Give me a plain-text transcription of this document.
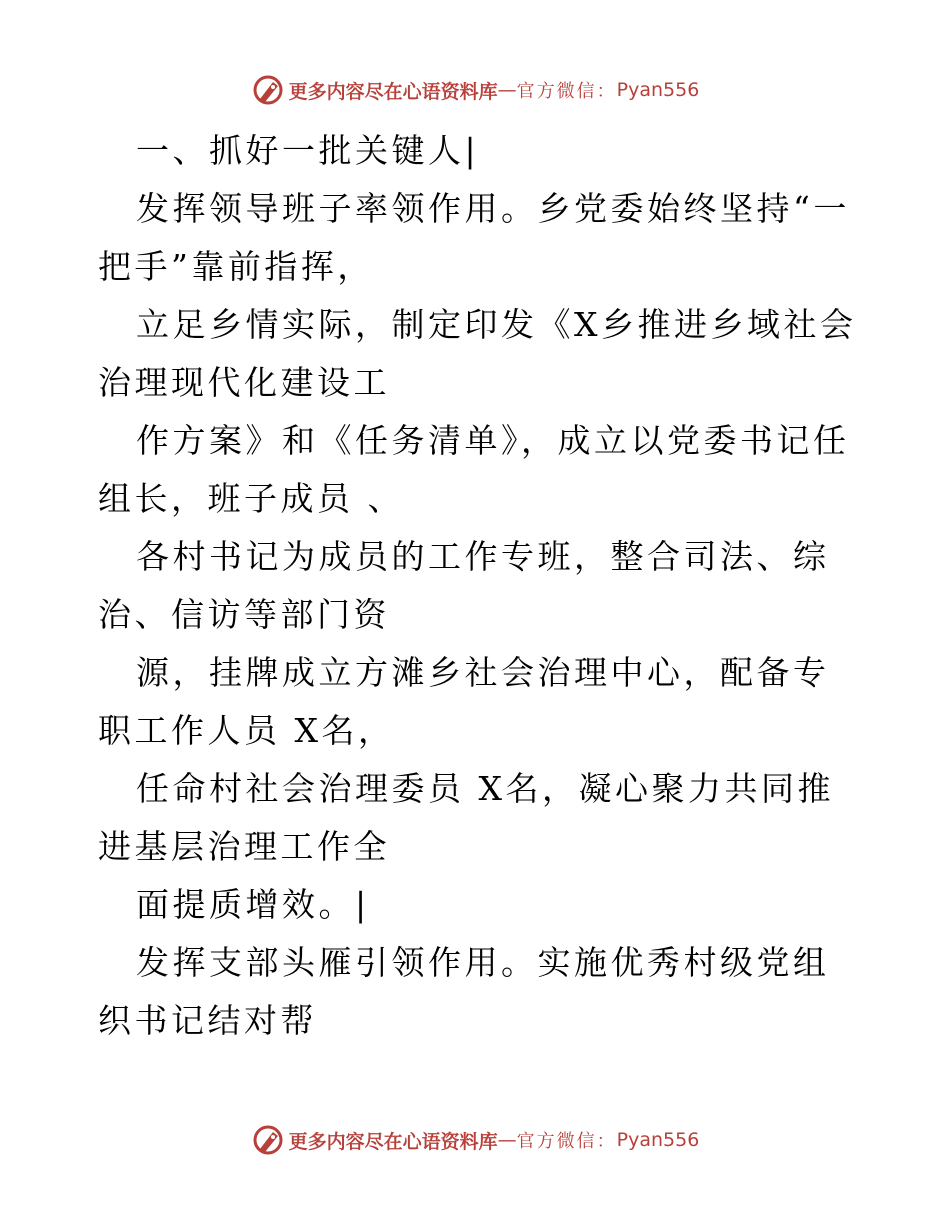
更多内容尽在心语资料库 — 官方微信： Pyan556

一、抓好一批关键人|

发挥领导班子率领作用。乡党委始终坚持“一把手”靠前指挥，

立足乡情实际，制定印发《X乡推进乡域社会治理现代化建设工

作方案》和《任务清单》，成立以党委书记任组长，班子成员 、

各村书记为成员的工作专班，整合司法、综治、信访等部门资

源，挂牌成立方滩乡社会治理中心，配备专职工作人员 X名，

任命村社会治理委员 X名，凝心聚力共同推进基层治理工作全

面提质增效。|

发挥支部头雁引领作用。实施优秀村级党组织书记结对帮

更多内容尽在心语资料库 — 官方微信： Pyan556
